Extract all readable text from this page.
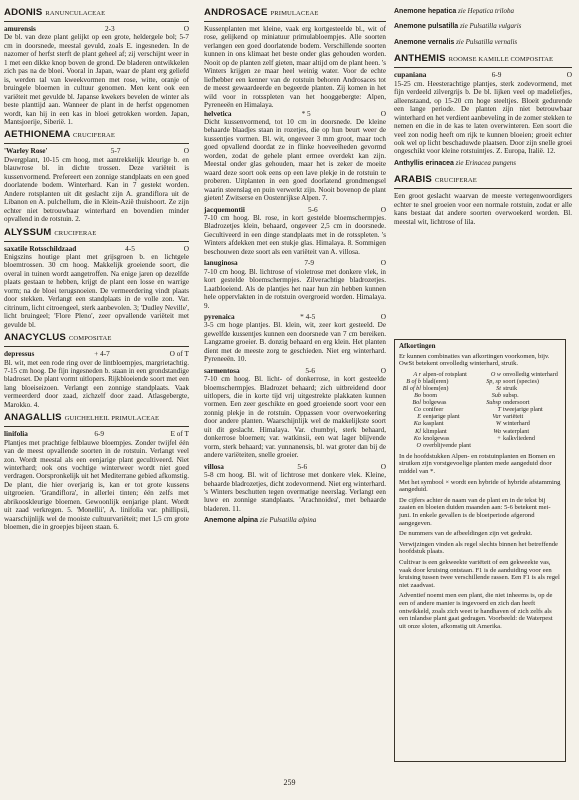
ADONIS RANUNCULACEAE
amurensis	2-3	O

De bl. van deze plant gelijkt op een grote, heldergele bol; 5-7 cm in doorsnede, meestal gevuld, zoals E. ingesneden. In de nazomer of herfst sterft de plant geheel af; zij verschijnt weer in 1 met een dikke knop boven de grond. De bladeren ontwikkelen zich pas na de bloei. Vooral in Japan, waar de plant erg geliefd is, werden tal van kweekvormen met rose, witte, oranje of bruingele bloemen in cultuur genomen. Men kent ook een variëteit met gevulde bl. Japanse kwekers bevelen de winter als beste planttijd aan. Wanneer de plant in de herfst opgenomen wordt, kan hij in een kas in bloei getrokken worden. Japan, Mantsjoerije, Siberië. 1.

AETHIONEMA CRUCIFERAE
'Warley Rose'	5-7	O

Dwergplant, 10-15 cm hoog, met aantrekkelijk kleurige b. en blauwrose bl. in dichte trossen. Deze variëteit is kussenvormend. Prefereert een zonnige standplaats en een goed doorlatende bodem. Winterhard. Kan in 7 gestekt worden. Andere rotsplanten uit dit geslacht zijn A. grandiflora uit de Libanon en A. pulchellum, die in Klein-Azië thuishoort. Ze zijn echter niet betrouwbaar winterhard en bovendien minder opvallend in de rotstuin. 2.

ALYSSUM CRUCIFERAE
saxatile Rotsschildzaad	4-5	O

Enigszins houtige plant met grijsgroen b. en lichtgele bloemtrossen. 30 cm hoog. Makkelijk groeiende soort, die overal in tuinen wordt aangetroffen. Na enige jaren op dezelfde plaats gestaan te hebben, krijgt de plant een losse en warrige vorm; na de bloei terugsnoeien. De vermeerdering vindt plaats door stekken. Verlangt een standplaats in de volle zon. Var. citrinum, licht citroengeel, sterk aanbevolen. 3; 'Dudley Neville', licht bruingeel; 'Flore Pleno', zeer opvallende variëteit met gevulde bl.

ANACYCLUS COMPOSITAE
depressus	+ 4-7	O of T

Bl. wit, met een rode ring over de lintbloempjes, margrietachtig. 7-15 cm hoog. De fijn ingesneden b. staan in een grondstandige bladroset. De plant vormt uitlopers. Rijkbloeiende soort met een lang bloeiseizoen. Verlangt een zonnige standplaats. Vaak vermeerderd door zaad, zichzelf door zaad. Atlasgebergte, Marokko. 4.

ANAGALLIS GUICHELHEIL PRIMULACEAE
linifolia	6-9	E of T

Plantjes met prachtige felblauwe bloempjes. Zonder twijfel één van de meest opvallende soorten in de rotstuin. Verlangt veel zon. Wordt meestal als een eenjarige plant gecultiveerd. Niet winterhard; ook ons vochtige winterweer wordt niet goed verdragen. Oorspronkelijk uit het Mediterrane gebied afkomstig. De plant, die hier overjarig is, kan er tot grote kussens uitgroeien. 'Grandiflora', in allerlei tinten; één zelfs met abrikooskleurige bloemen. Gewoonlijk eenjarige plant. Wordt uit zaad verkregen. 5. 'Monellii', A. linifolia var. phillipsii, waarschijnlijk wel de mooiste cultuurvariëteit; met 1,5 cm grote bloemen, die in groepjes bijeen staan. 6.

ANDROSACE PRIMULACEAE

Kussenplanten met kleine, vaak erg kortgesteelde bl., wit of rose, gelijkend op miniatuur primulabloempjes. Alle soorten verlangen een goed doorlatende bodem. Verschillende soorten kunnen in ons klimaat het beste onder glas gehouden worden. Nooit op de planten zelf gieten, maar altijd om de plant heen. 's Winters krijgen ze maar heel weinig water. Voor de echte liefhebber een kenner van de rotstuin behoren Androsaces tot de meest gewaardeerde en begeerde planten. Zij komen in het wild voor in rotsspleten van het hooggebergte: Alpen, Pyreneeën en Himalaya.

helvetica	* 5	O

Dicht kussenvormend, tot 10 cm in doorsnede. De kleine behaarde blaadjes staan in rozetjes, die op hun beurt weer de kussentjes vormen. Bl. wit, ongeveer 3 mm groot, maar toch goed opvallend doordat ze in flinke hoeveelheden gevormd worden, zodat de gehele plant ermee overdekt kan zijn. Meestal onder glas gehouden, maar het is zeker de moeite waard deze soort ook eens op een lave plekje in de rotstuin te proberen. Uitplanten in een goed doorlatend grondmengsel waarin steenslag en puin verwerkt zijn. Nooit bovenop de plant gieten! Zwitserse en Oostenrijkse Alpen. 7.

jacquemontii	5-6	O

7-10 cm hoog. Bl. rose, in kort gestelde bloemschermpjes. Bladrozetjes klein, behaard, ongeveer 2,5 cm in doorsnede. Gecultiveerd in een dinge standplaats met in de rotsspleten. 's Winters afdekken met een stukje glas. Himalaya. 8. Sommigen beschouwen deze soort als een variëteit van A. villosa.

lanuginosa	7-9	O

7-10 cm hoog. Bl. lichtrose of violetrose met donkere vlek, in kort gestelde bloemschermpjes. Zilverachtige bladrozetjes. Laatbloeiend. Als de plantjes het naar hun zin hebben kunnen hele oppervlakten in de rotstuin overgroeid worden. Himalaya. 9.

pyrenaica	* 4-5	O

3-5 cm hoge plantjes. Bl. klein, wit, zeer kort gesteeld. De gewelfde kussentjes kunnen een doorsnede van 7 cm bereiken. Langzame groeier. B. donzig behaard en erg klein. Het planten dient met de meeste zorg te geschieden. Niet erg winterhard. Pyreneeën. 10.

sarmentosa	5-6	O

7-10 cm hoog. Bl. licht- of donkerrose, in kort gesteelde bloemschermpjes. Bladrozet behaard; zich uitbreidend door uitlopers, die in korte tijd vrij uitgestrekte plakkaten kunnen vormen. Een zeer geschikte en goed groeiende soort voor een zonnig plekje in de rotstuin. Oppassen voor overwoekering door andere planten. Waarschijnlijk wel de makkelijkste soort uit dit geslacht. Himalaya. Var. chumbyi, sterk behaard, donkerrose bloemen; var. watkinsii, een wat lager blijvende vorm, sterk behaard; var. yunnanensis, bl. wat groter dan bij de andere variëteiten, snelle groeier.

villosa	5-6	O

5-8 cm hoog. Bl. wit of lichtrose met donkere vlek. Kleine, behaarde bladrozetjes, dicht zodevormend. Niet erg winterhard. 's Winters beschutten tegen overmatige neerslag. Verlangt een luwe en zonnige standplaats. 'Arachnoidea', met behaarde bladeren. 11.

Anemone alpina zie Pulsatilla alpina
Anemone hepatica zie Hepatica triloba
Anemone pulsatilla zie Pulsatilla vulgaris
Anemone vernalis zie Pulsatilla vernalis
ANTHEMIS ROOMSE KAMILLE COMPOSITAE
cupaniana	6-9	O

15-25 cm. Heesterachtige plantjes, sterk zodevormend, met fijn verdeeld zilvergrijs b. De bl. lijken veel op madeliefjes, alleenstaand, op 15-20 cm hoge steeltjes. Bloeit gedurende een lange periode. De planten zijn niet betrouwbaar winterhard en het verdient aanbeveling in de zomer stekken te nemen en die in de kas te laten overwinteren. Een soort die veel zon nodig heeft om rijk te kunnen bloeien; groeit echter ook wel op licht beschaduwde plaatsen. Door zijn snelle groei ongeschikt voor kleine rotstuintjes. Z. Europa, Italië. 12.

Anthyllis erinacea zie Erinacea pungens
ARABIS CRUCIFERAE

Een groot geslacht waarvan de meeste vertegenwoordigers echter te snel groeien voor een normale rotstuin, zodat er alle kans bestaat dat andere soorten overwoekerd worden. Bl. meestal wit, lichtrose of lila.

Afkortingen

Er kunnen combinaties van afkortingen voorkomen, bijv. OwSt betekent onvolledig winterhard, struik.

A r alpen-of rotsplant	O w onvolledig winterhard
B of b blad(eren)	Sp, sp soort (species)
Bl of bl bloem(en)	St struik
Bo boom	Sub subsp.
Bol bolgewas	Subsp ondersoort
Co conifeer	T tweejarige plant
E eenjarige plant	Var variëteit
Ka kasplant	W winterhard
Kl klimplant	Wa waterplant
Ko knolgewas	+ kalkvliedend
O overblijvende plant

In de hoofdstukken Alpen- en rotstuinplanten en Bomen en struiken zijn vorstgevoelige planten mede aangeduid door middel van *.

Met het symbool × wordt een hybride of hybride afstamming aangeduid.

De cijfers achter de naam van de plant en in de tekst bij zaaien en bloeien duiden maanden aan: 5-6 betekent mei-juni. In enkele gevallen is de bloeiperiode afgerond aangegeven.

De nummers van de afbeeldingen zijn vet gedrukt.

Verwijzingen vinden als regel slechts binnen het betreffende hoofdstuk plaats.

Cultivar is een gekweekte variëteit of een gekweekte vas, vaak door kruising ontstaan. F1 is de aanduiding voor een kruising tussen twee verschillende rassen. Een F1 is als regel niet zaadvast.

Adventief noemt men een plant, die niet inheems is, op de een of andere manier is ingevoerd en zich dan heeft ontwikkeld, zoals zich weet te handhaven of zich zelfs als een inlandse plant gaat gedragen. Voorbeeld: de Waterpest uit onze sloten, afkomstig uit Amerika.

259
